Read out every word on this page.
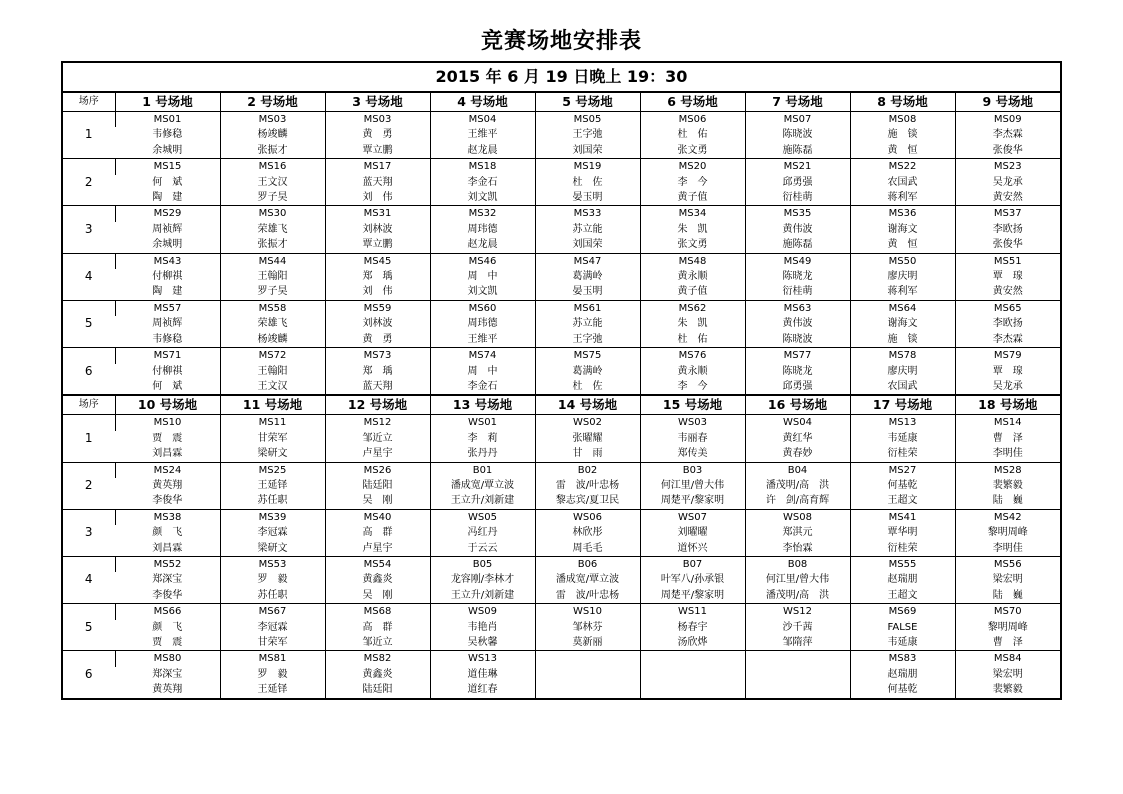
竞赛场地安排表
2015 年 6 月 19 日晚上 19：30
场序	1 号场地	2 号场地	3 号场地	4 号场地	5 号场地	6 号场地	7 号场地	8 号场地	9 号场地
1	MS01	MS03	MS03	MS04	MS05	MS06	MS07	MS08	MS09
	韦修稳	杨竣麟	黄　勇	王维平	王字弛	杜　佑	陈晓波	施　锬	李杰霖
	余城明	张振才	覃立鹏	赵龙晨	刘国荣	张文勇	施陈磊	黄　恒	张俊华
2	MS15	MS16	MS17	MS18	MS19	MS20	MS21	MS22	MS23
	何　斌	王文汉	蓝天翔	李金石	杜　佐	李　今	邱勇强	农国武	吴龙承
	陶　建	罗子昊	刘　伟	刘文凯	晏玉明	黄子值	衍桂萌	蒋利军	黄安然
3	MS29	MS30	MS31	MS32	MS33	MS34	MS35	MS36	MS37
	周祯辉	荣雄飞	刘林波	周玮德	苏立能	朱　凯	黄伟波	谢海文	李欧扬
	余城明	张振才	覃立鹏	赵龙晨	刘国荣	张文勇	施陈磊	黄　恒	张俊华
4	MS43	MS44	MS45	MS46	MS47	MS48	MS49	MS50	MS51
	付柳祺	王翰阳	郑　瑀	周　中	葛满岭	黄永顺	陈晓龙	廖庆明	覃　瑔
	陶　建	罗子昊	刘　伟	刘文凯	晏玉明	黄子值	衍桂萌	蒋利军	黄安然
5	MS57	MS58	MS59	MS60	MS61	MS62	MS63	MS64	MS65
	周祯辉	荣雄飞	刘林波	周玮德	苏立能	朱　凯	黄伟波	谢海文	李欧扬
	韦修稳	杨竣麟	黄　勇	王维平	王字弛	杜　佑	陈晓波	施　锬	李杰霖
6	MS71	MS72	MS73	MS74	MS75	MS76	MS77	MS78	MS79
	付柳祺	王翰阳	郑　瑀	周　中	葛满岭	黄永顺	陈晓龙	廖庆明	覃　瑔
	何　斌	王文汉	蓝天翔	李金石	杜　佐	李　今	邱勇强	农国武	吴龙承
场序	10 号场地	11 号场地	12 号场地	13 号场地	14 号场地	15 号场地	16 号场地	17 号场地	18 号场地
1	MS10	MS11	MS12	WS01	WS02	WS03	WS04	MS13	MS14
	贾　震	甘荣军	邹近立	李　莉	张曜耀	韦丽春	黄红华	韦延康	曹　泽
	刘昌霖	梁研文	卢星宇	张丹丹	甘　雨	郑传美	黄春妙	衍桂荣	李明佳
2	MS24	MS25	MS26	B01	B02	B03	B04	MS27	MS28
	黄英翔	王延铎	陆廷阳	潘成宽/覃立波	雷　波/叶忠杨	何江里/曾大伟	潘茂明/高　洪	何基乾	裴繁毅
	李俊华	苏任职	吴　刚	王立升/刘新建	黎志宾/夏卫民	周楚平/黎家明	许　剑/高育辉	王超文	陆　巍
3	MS38	MS39	MS40	WS05	WS06	WS07	WS08	MS41	MS42
	颜　飞	李冠霖	高　群	冯红丹	林欣彤	刘曜曜	郑淇元	覃华明	黎明周峰
	刘昌霖	梁研文	卢星宇	于云云	周毛毛	道怀兴	李怡霖	衍桂荣	李明佳
4	MS52	MS53	MS54	B05	B06	B07	B08	MS55	MS56
	郑深宝	罗　毅	黄鑫炎	龙容刚/李林才	潘成宽/覃立波	叶军八/孙承银	何江里/曾大伟	赵瑞朋	梁宏明
	李俊华	苏任职	吴　刚	王立升/刘新建	雷　波/叶忠杨	周楚平/黎家明	潘茂明/高　洪	王超文	陆　巍
5	MS66	MS67	MS68	WS09	WS10	WS11	WS12	MS69	MS70
	颜　飞	李冠霖	高　群	韦艳肖	邹林芬	杨春宇	沙千茜	FALSE	黎明周峰
	贾　震	甘荣军	邹近立	吴秋馨	莫新丽	汤欣烨	邹隋萍	韦延康	曹　泽
6	MS80	MS81	MS82	WS13				MS83	MS84
	郑深宝	罗　毅	黄鑫炎	道佳琳				赵瑞朋	梁宏明
	黄英翔	王延铎	陆廷阳	道红春				何基乾	裴繁毅
